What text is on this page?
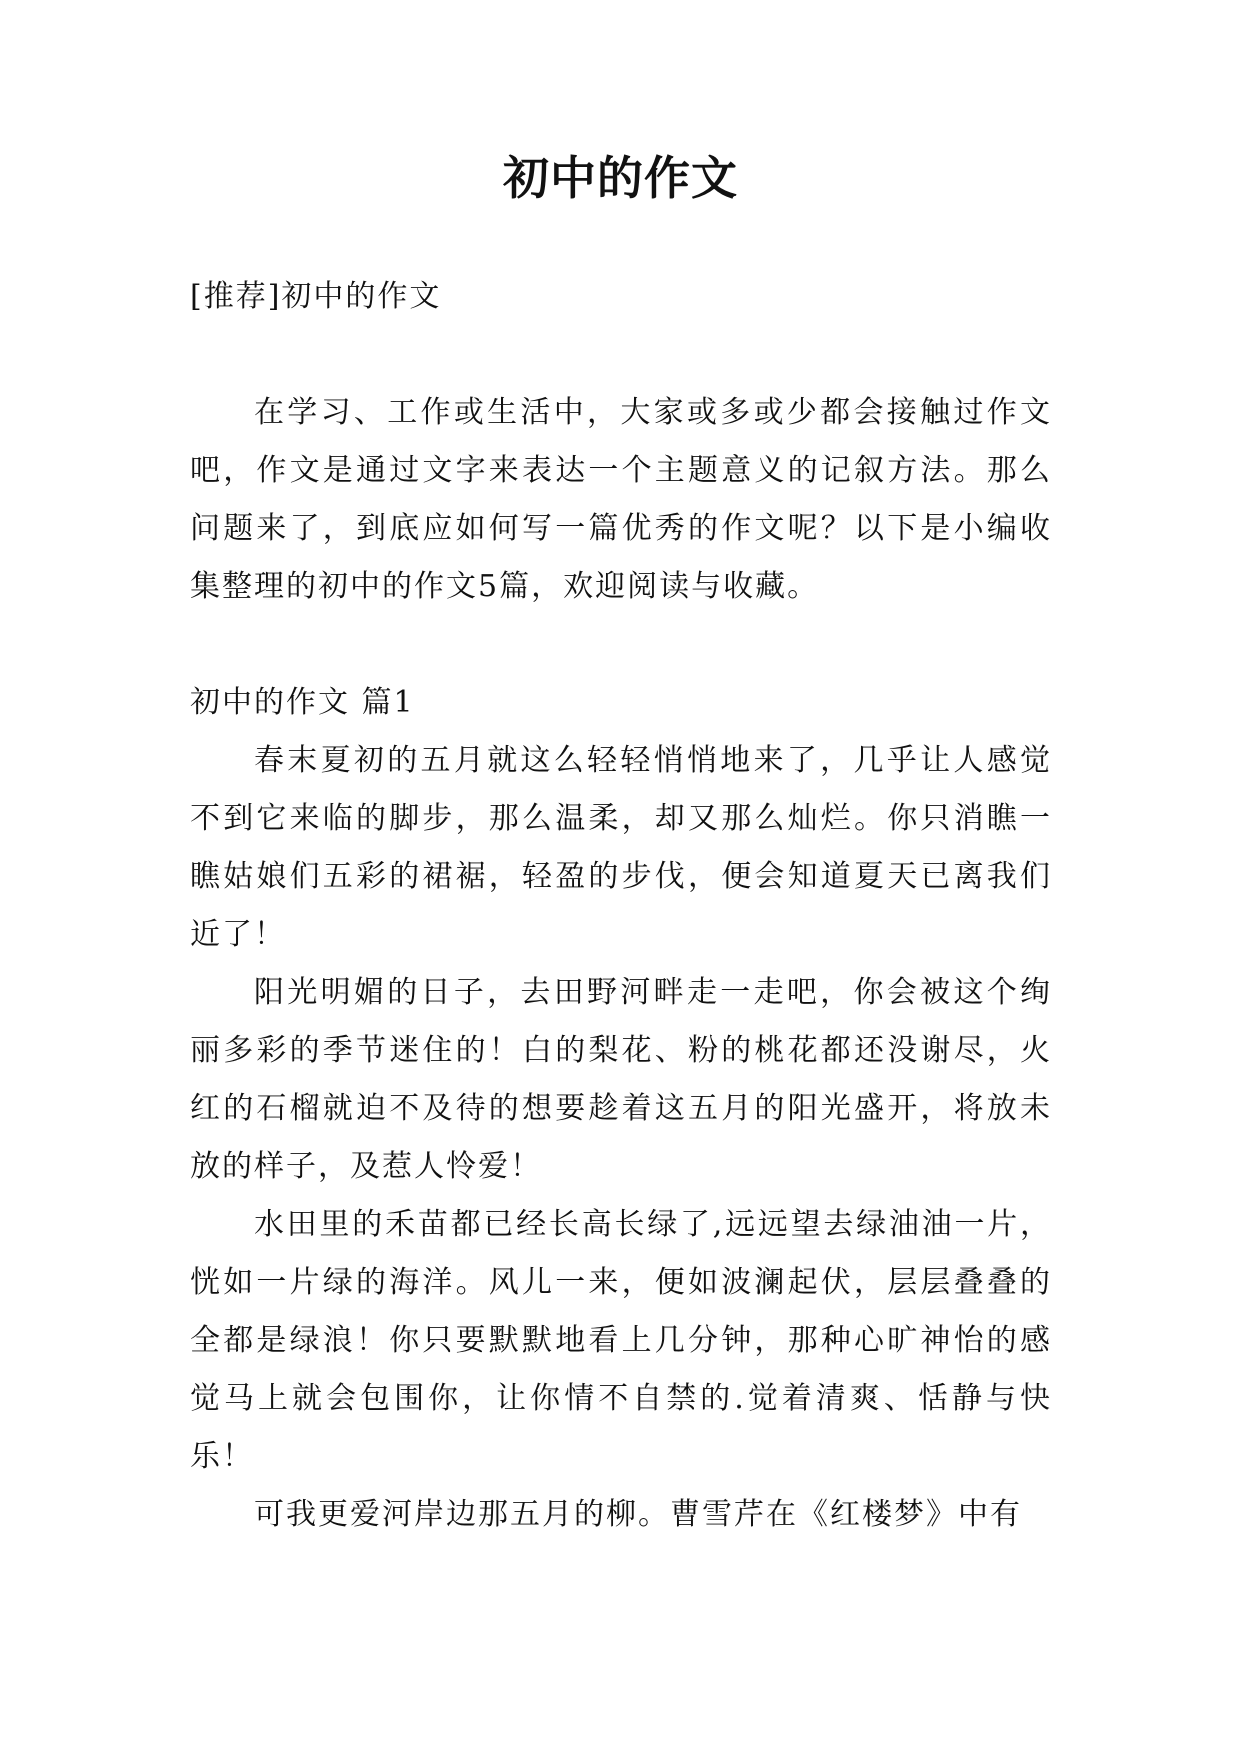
初中的作文

[推荐]初中的作文

在学习、工作或生活中，大家或多或少都会接触过作文吧，作文是通过文字来表达一个主题意义的记叙方法。那么问题来了，到底应如何写一篇优秀的作文呢？以下是小编收集整理的初中的作文5篇，欢迎阅读与收藏。

初中的作文 篇1

春末夏初的五月就这么轻轻悄悄地来了，几乎让人感觉不到它来临的脚步，那么温柔，却又那么灿烂。你只消瞧一瞧姑娘们五彩的裙裾，轻盈的步伐，便会知道夏天已离我们近了！

阳光明媚的日子，去田野河畔走一走吧，你会被这个绚丽多彩的季节迷住的！白的梨花、粉的桃花都还没谢尽，火红的石榴就迫不及待的想要趁着这五月的阳光盛开，将放未放的样子，及惹人怜爱！

水田里的禾苗都已经长高长绿了,远远望去绿油油一片，恍如一片绿的海洋。风儿一来，便如波澜起伏，层层叠叠的全都是绿浪！你只要默默地看上几分钟，那种心旷神怡的感觉马上就会包围你，让你情不自禁的.觉着清爽、恬静与快乐！

可我更爱河岸边那五月的柳。曹雪芹在《红楼梦》中有
